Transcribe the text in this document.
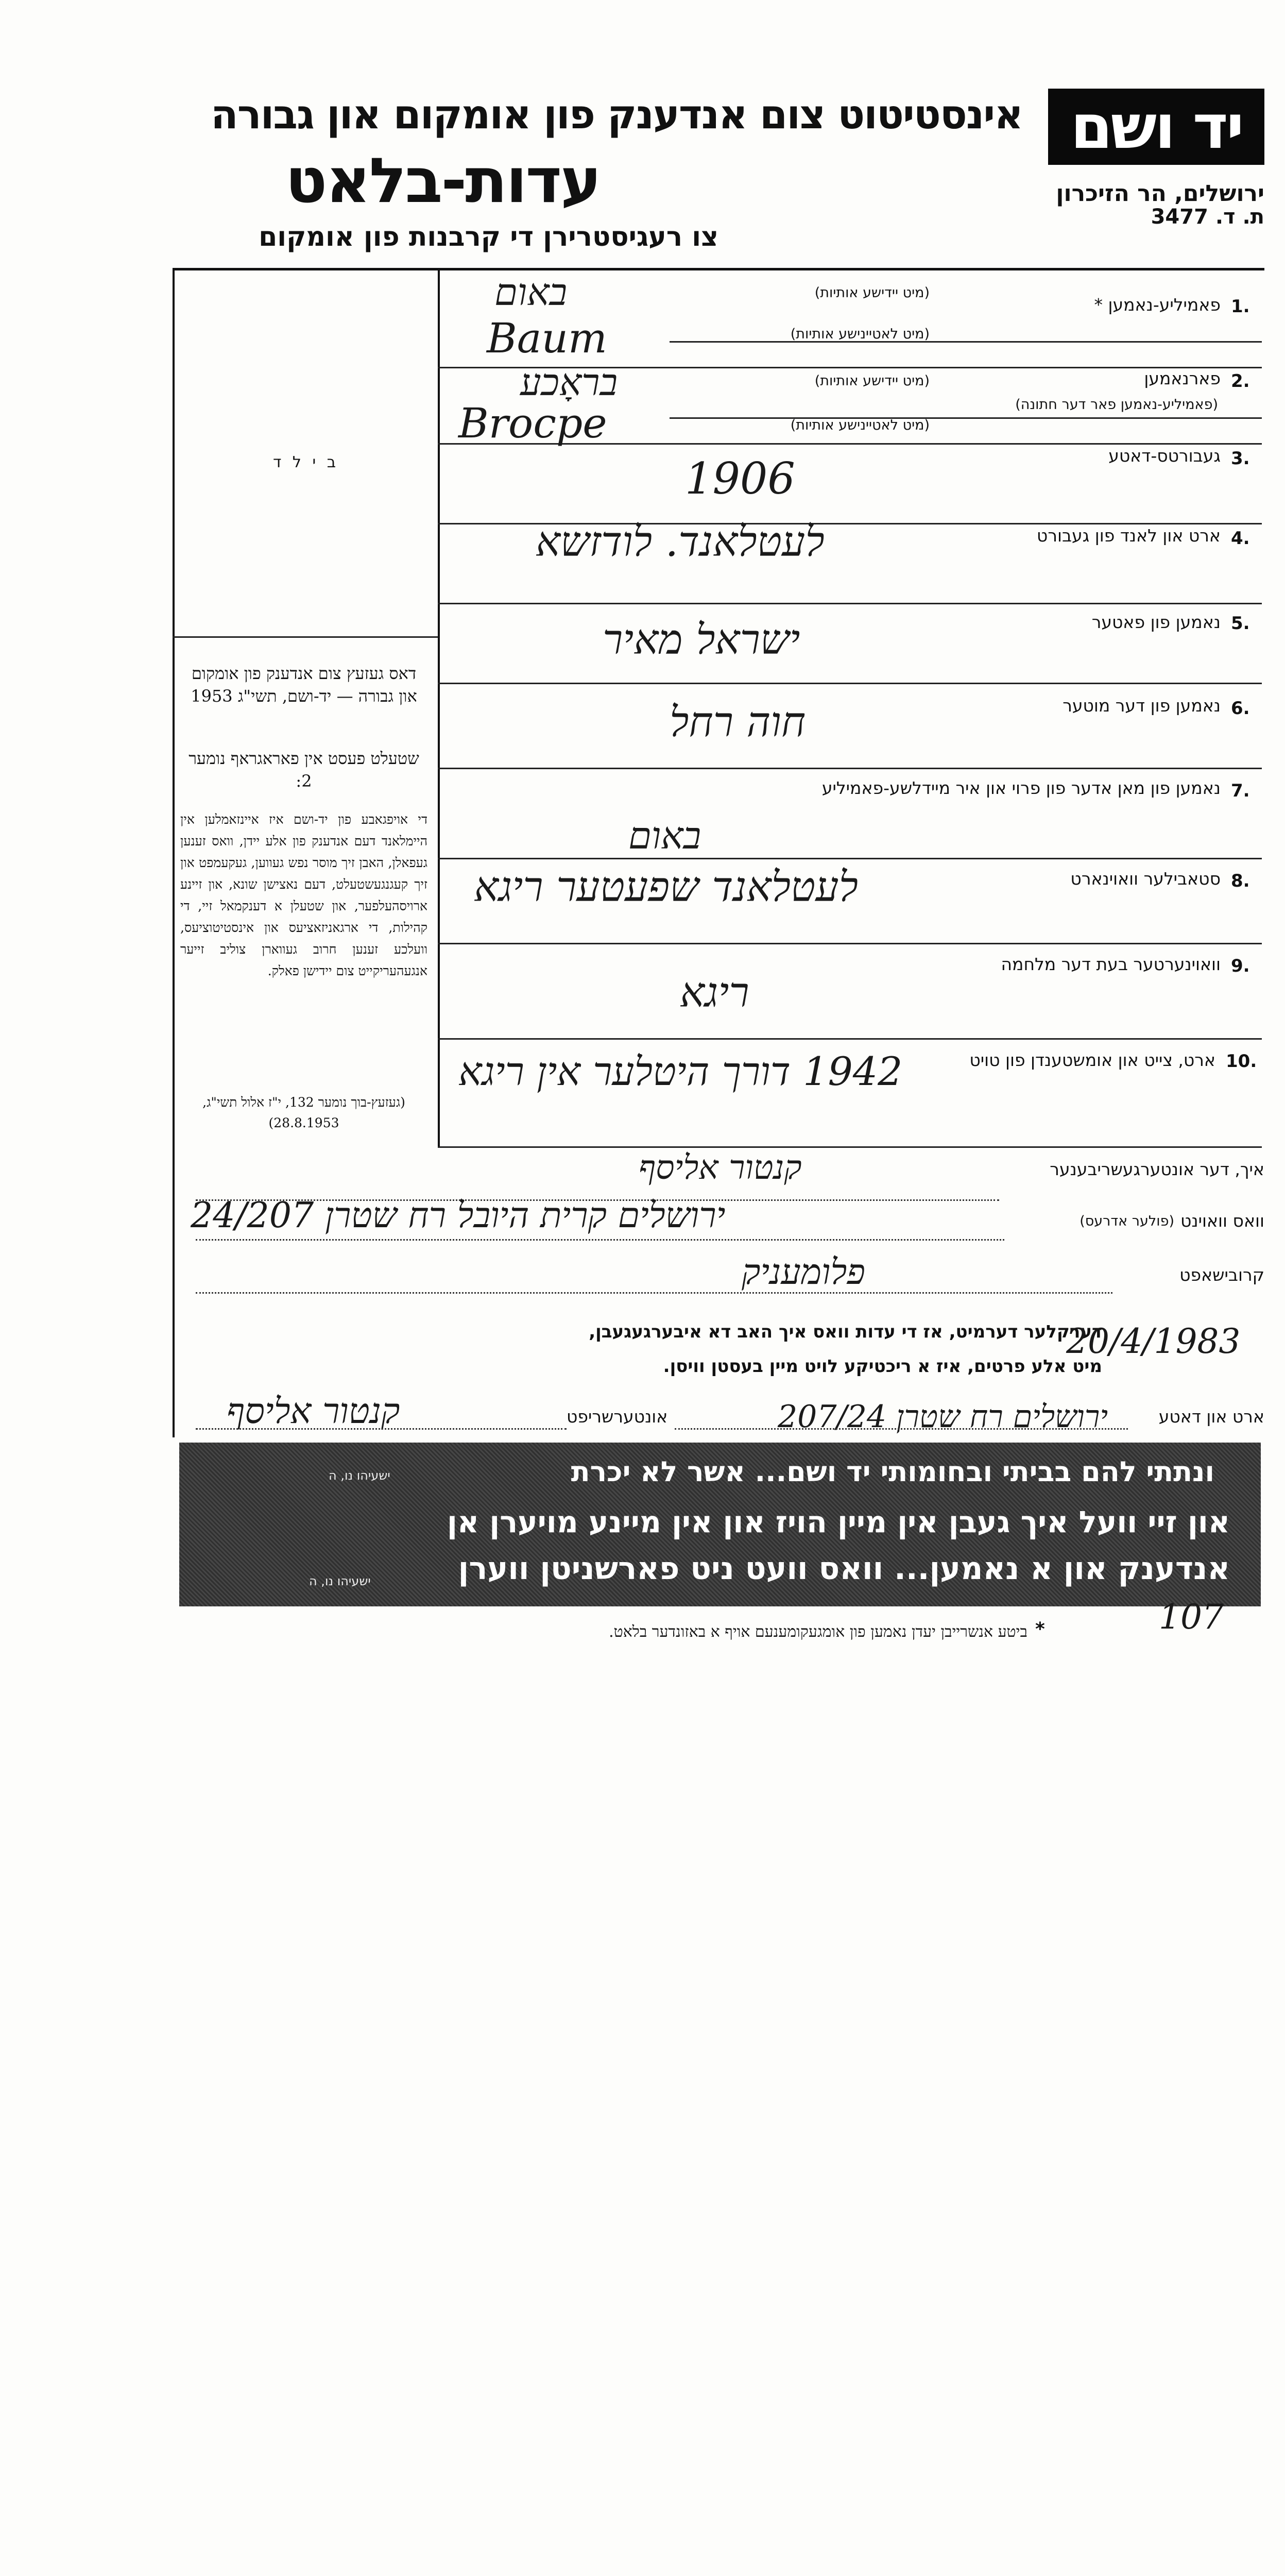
יד ושם
ירושלים, הר הזיכרון
ת. ד. 3477
אינסטיטוט צום אנדענק פון אומקום און גבורה
עדות-בלאט
צו רעגיסטרירן די קרבנות פון אומקום
ב י ל ד
דאס געזעץ צום אנדענק פון אומקום און גבורה — יד-ושם, תשי"ג 1953
שטעלט פעסט אין פאראגראף נומער 2:
די אויפגאבע פון יד-ושם איז איינזאמלען אין היימלאנד דעם אנדענק פון אלע יידן, וואס זענען געפאלן, האבן זיך מוסר נפש געווען, געקעמפט און זיך קעגנגעשטעלט, דעם נאצישן שונא, און זיינע ארויסהעלפער, און שטעלן א דענקמאל זיי, די קהילות, די ארגאניזאציעס און אינסטיטוציעס, וועלכע זענען חרוב געווארן צוליב זייער אנגעהעריקייט צום יידישן פאלק.
(געזעץ-בוך נומער 132, י"ז אלול תשי"ג, 28.8.1953)
1.
פאמיליע-נאמען *
(מיט יידישע אותיות)
(מיט לאטיינישע אותיות)
באום
Baum
2.
פארנאמען
(פאמיליע-נאמען פאר דער חתונה)
(מיט יידישע אותיות)
(מיט לאטיינישע אותיות)
בראָכע
Brocpe
3.
געבורטס-דאטע
1906
4.
ארט און לאנד פון געבורט
לעטלאנד. לודזשא
5.
נאמען פון פאטער
ישראל מאיר
6.
נאמען פון דער מוטער
חוה רחל
7.
נאמען פון מאן אדער פון פרוי און איר מיידלשע-פאמיליע
באום
8.
סטאבילער וואוינארט
לעטלאנד שפעטער ריגא
9.
וואוינערטער בעת דער מלחמה
ריגא
10.
ארט, צייט און אומשטענדן פון טויט
1942 דורך היטלער אין ריגא
איך, דער אונטערגעשריבענער
קנטור אליסף
וואס וואוינט
(פולער אדרעס)
ירושלים קרית היובל רח שטרן 24/207
קרובישאפט
פלומעניק
דערקלער דערמיט, אז די עדות וואס איך האב דא איבערגעגעבן,
מיט אלע פרטים, איז א ריכטיקע לויט מיין בעסטן וויסן.
20/4/1983
ארט און דאטע
ירושלים רח שטרן 207/24
אונטערשריפט
קנטור אליסף
ונתתי להם בביתי ובחומותי יד ושם... אשר לא יכרת
ישעיהו נו, ה
און זיי וועל איך געבן אין מיין הויז און אין מיינע מויערן אן
אנדענק און א נאמען... וואס וועט ניט פארשניטן ווערן
ישעיהו נו, ה
*
ביטע אנשרייבן יעדן נאמען פון אומגעקומענעם אויף א באזונדער בלאט.	107
